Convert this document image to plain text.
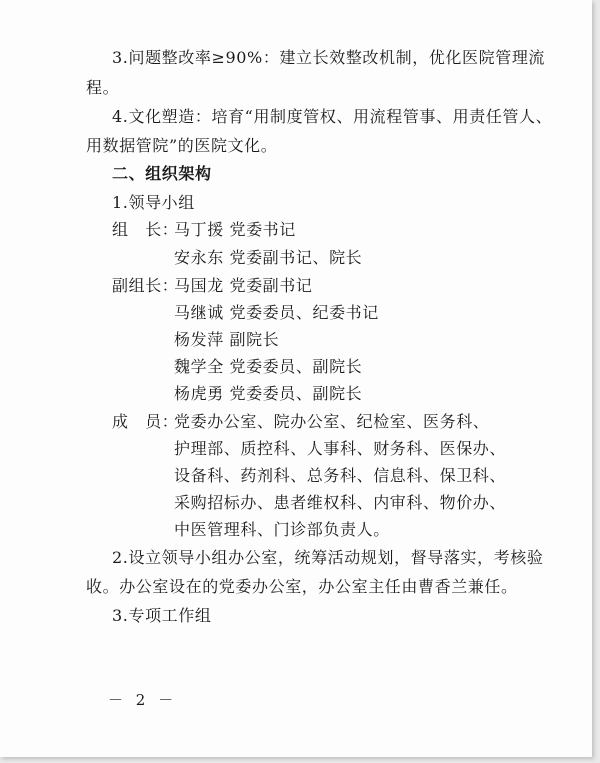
3.问题整改率≥90%：建立长效整改机制，优化医院管理流
程。
4.文化塑造：培育“用制度管权、用流程管事、用责任管人、
用数据管院”的医院文化。
二、组织架构
1.领导小组
组　长：马丁援 党委书记
安永东 党委副书记、院长
副组长：马国龙 党委副书记
马继诚 党委委员、纪委书记
杨发萍 副院长
魏学全 党委委员、副院长
杨虎勇 党委委员、副院长
成　员：党委办公室、院办公室、纪检室、医务科、
护理部、质控科、人事科、财务科、医保办、
设备科、药剂科、总务科、信息科、保卫科、
采购招标办、患者维权科、内审科、物价办、
中医管理科、门诊部负责人。
2.设立领导小组办公室，统筹活动规划，督导落实，考核验
收。办公室设在的党委办公室，办公室主任由曹香兰兼任。
3.专项工作组
－ 2 －
